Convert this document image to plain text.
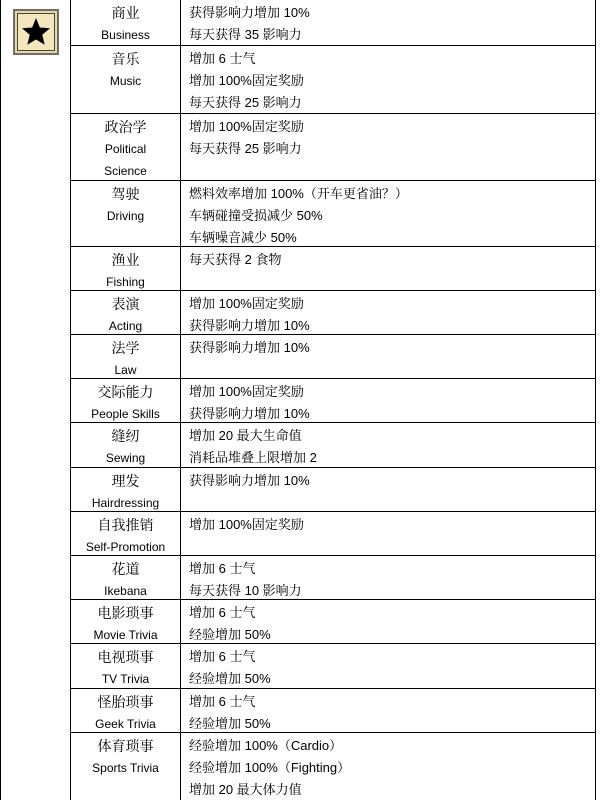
商业
Business
获得影响力增加 10%
每天获得 35 影响力
音乐
Music
增加 6 士气
增加 100%固定奖励
每天获得 25 影响力
政治学
Political Science
增加 100%固定奖励
每天获得 25 影响力
驾驶
Driving
燃料效率增加 100%（开车更省油？）
车辆碰撞受损减少 50%
车辆噪音减少 50%
渔业
Fishing
每天获得 2 食物
表演
Acting
增加 100%固定奖励
获得影响力增加 10%
法学
Law
获得影响力增加 10%
交际能力
People Skills
增加 100%固定奖励
获得影响力增加 10%
缝纫
Sewing
增加 20 最大生命值
消耗品堆叠上限增加 2
理发
Hairdressing
获得影响力增加 10%
自我推销
Self-Promotion
增加 100%固定奖励
花道
Ikebana
增加 6 士气
每天获得 10 影响力
电影琐事
Movie Trivia
增加 6 士气
经验增加 50%
电视琐事
TV Trivia
增加 6 士气
经验增加 50%
怪胎琐事
Geek Trivia
增加 6 士气
经验增加 50%
体育琐事
Sports Trivia
经验增加 100%（Cardio）
经验增加 100%（Fighting）
增加 20 最大体力值
